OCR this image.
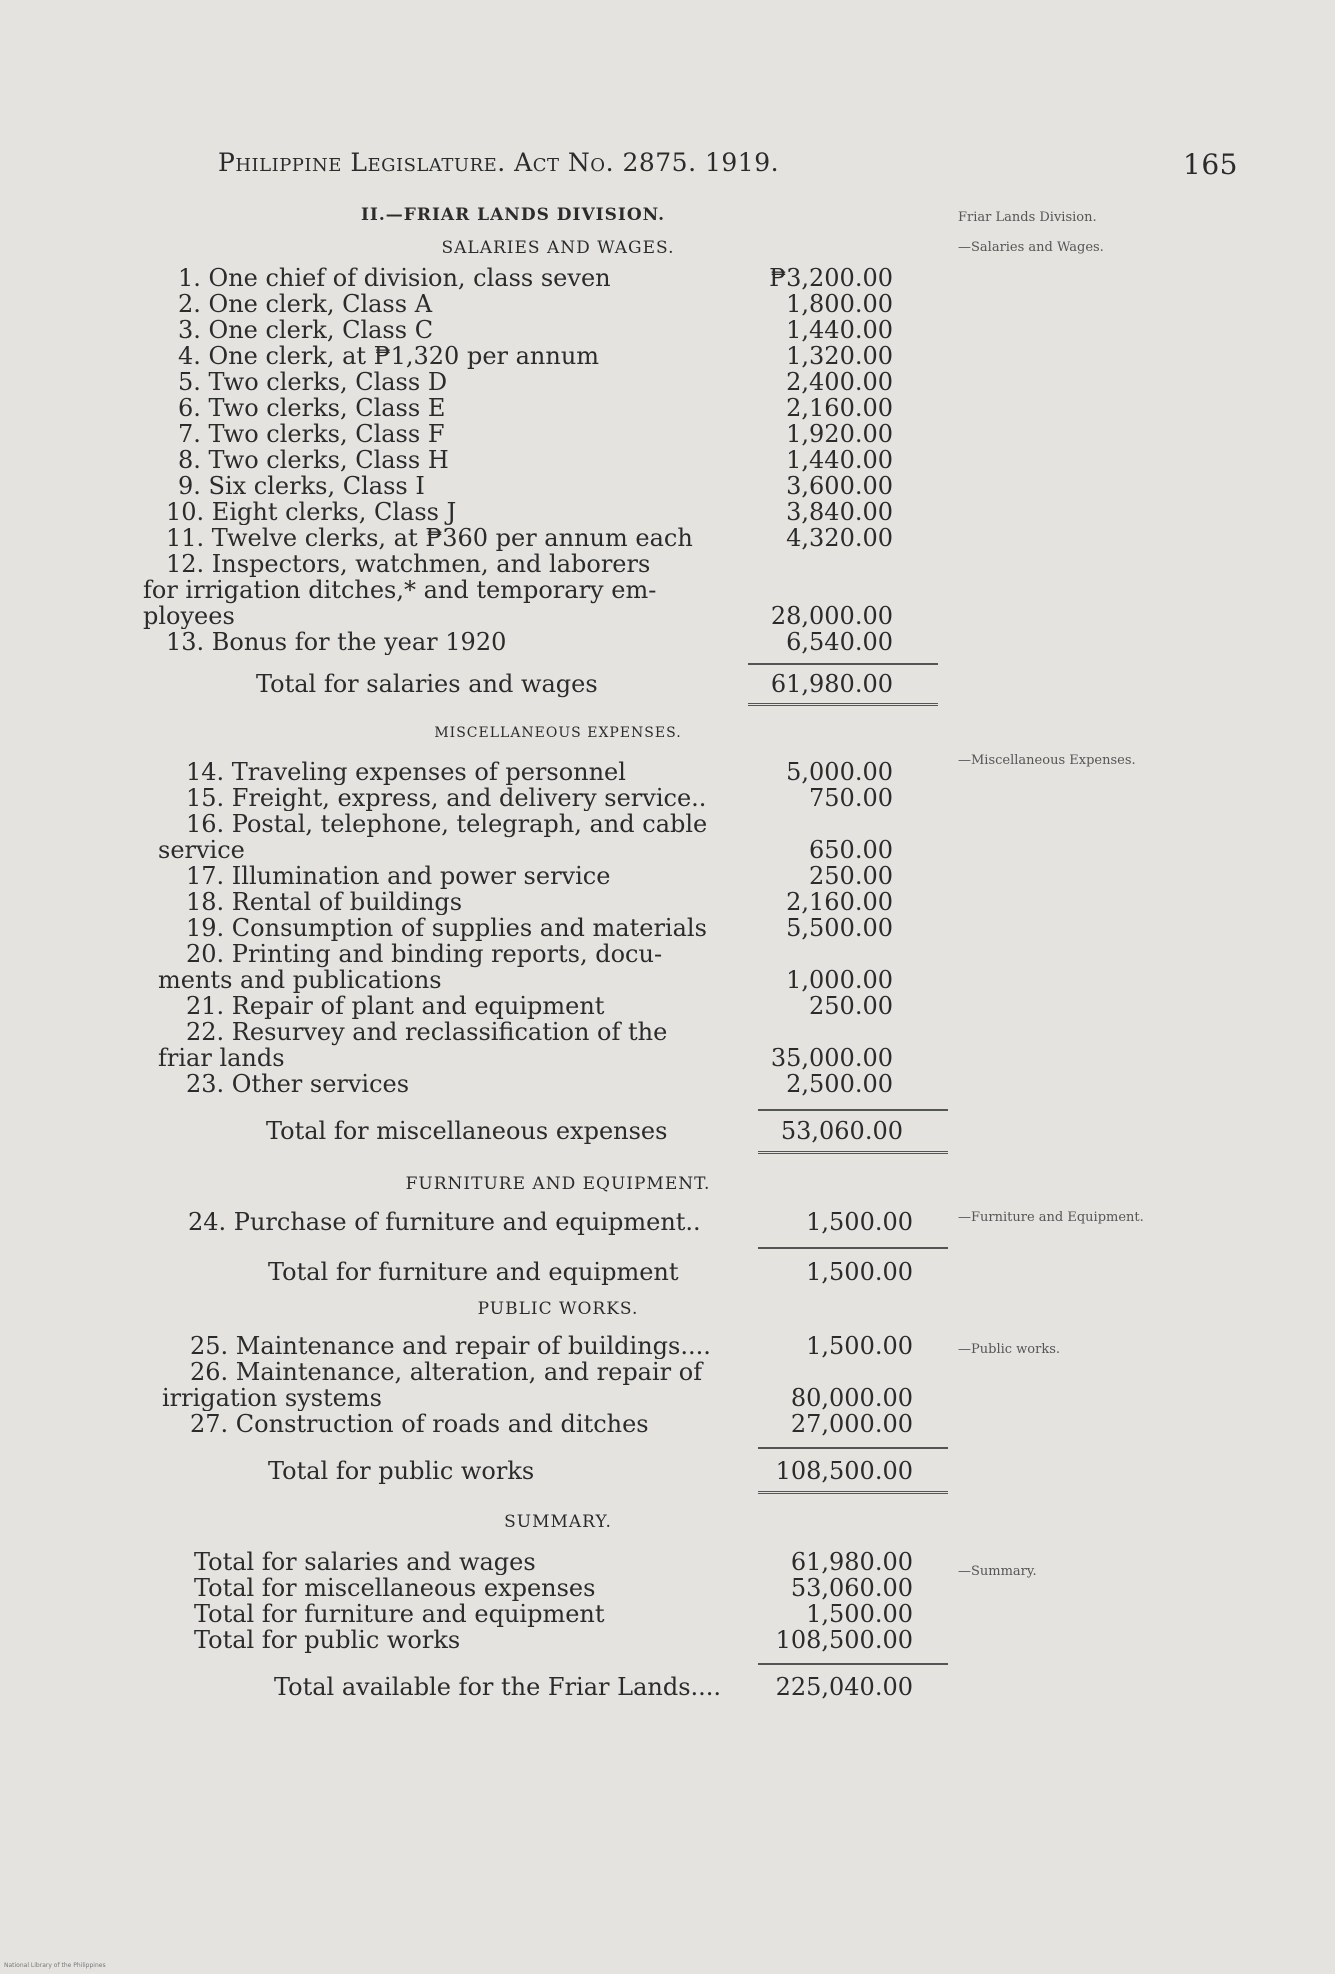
Philippine Legislature. Act No. 2875. 1919.	165
Friar Lands Division.
—Salaries and Wages.
—Miscellaneous Expenses.
—Furniture and Equipment.
—Public works.
—Summary.
II.—FRIAR LANDS DIVISION.
SALARIES AND WAGES.
1. One chief of division, class seven	₱3,200.00
2. One clerk, Class A	1,800.00
3. One clerk, Class C	1,440.00
4. One clerk, at ₱1,320 per annum	1,320.00
5. Two clerks, Class D	2,400.00
6. Two clerks, Class E	2,160.00
7. Two clerks, Class F	1,920.00
8. Two clerks, Class H	1,440.00
9. Six clerks, Class I	3,600.00
10. Eight clerks, Class J	3,840.00
11. Twelve clerks, at ₱360 per annum each	4,320.00
12. Inspectors, watchmen, and laborers
for irrigation ditches,* and temporary em-
ployees	28,000.00
13. Bonus for the year 1920	6,540.00
Total for salaries and wages	61,980.00
MISCELLANEOUS EXPENSES.
14. Traveling expenses of personnel	5,000.00
15. Freight, express, and delivery service..	750.00
16. Postal, telephone, telegraph, and cable
service	650.00
17. Illumination and power service	250.00
18. Rental of buildings	2,160.00
19. Consumption of supplies and materials	5,500.00
20. Printing and binding reports, docu-
ments and publications	1,000.00
21. Repair of plant and equipment	250.00
22. Resurvey and reclassification of the
friar lands	35,000.00
23. Other services	2,500.00
Total for miscellaneous expenses	53,060.00
FURNITURE AND EQUIPMENT.
24. Purchase of furniture and equipment..	1,500.00
Total for furniture and equipment	1,500.00
PUBLIC WORKS.
25. Maintenance and repair of buildings....	1,500.00
26. Maintenance, alteration, and repair of
irrigation systems	80,000.00
27. Construction of roads and ditches	27,000.00
Total for public works	108,500.00
SUMMARY.
Total for salaries and wages	61,980.00
Total for miscellaneous expenses	53,060.00
Total for furniture and equipment	1,500.00
Total for public works	108,500.00
Total available for the Friar Lands....	225,040.00
National Library of the Philippines
